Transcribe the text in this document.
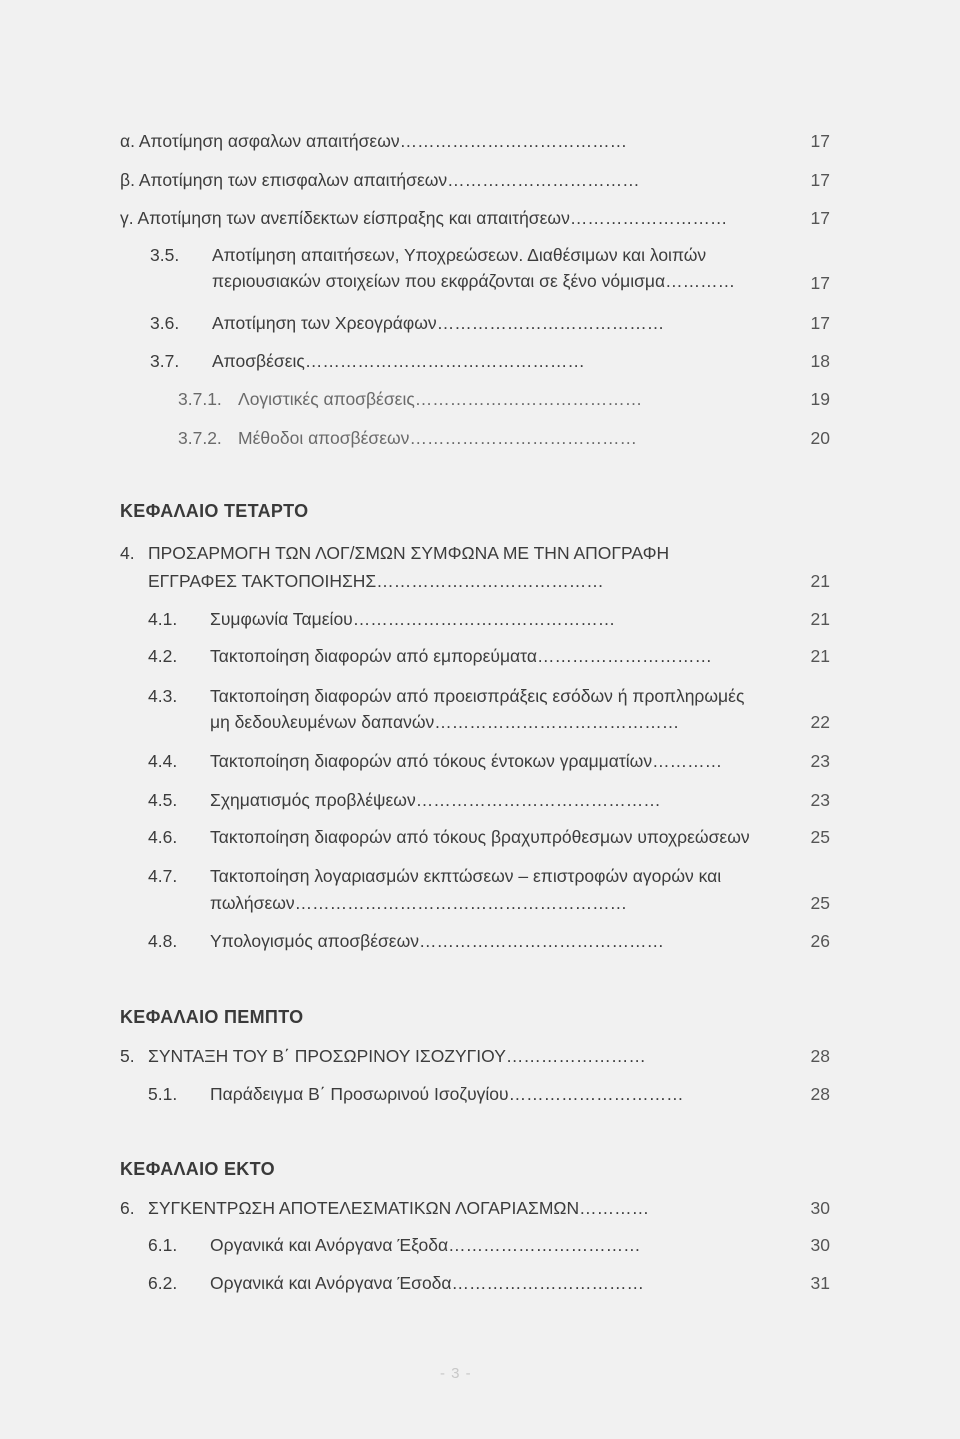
α. Αποτίμηση ασφαλων απαιτήσεων…………………………………	17
β. Αποτίμηση των επισφαλων απαιτήσεων……………………………	17
γ. Αποτίμηση των ανεπίδεκτων είσπραξης και απαιτήσεων………………………	17
3.5. Αποτίμηση απαιτήσεων, Υποχρεώσεων. Διαθέσιμων και λοιπών
περιουσιακών στοιχείων που εκφράζονται σε ξένο νόμισμα…………	17
3.6. Αποτίμηση των Χρεογράφων…………………………………	17
3.7. Αποσβέσεις…………………………………………	18
3.7.1. Λογιστικές αποσβέσεις…………………………………	19
3.7.2. Μέθοδοι αποσβέσεων…………………………………	20
ΚΕΦΑΛΑΙΟ ΤΕΤΑΡΤΟ
4. ΠΡΟΣΑΡΜΟΓΗ ΤΩΝ ΛΟΓ/ΣΜΩΝ ΣΥΜΦΩΝΑ ΜΕ ΤΗΝ ΑΠΟΓΡΑΦΗ
ΕΓΓΡΑΦΕΣ ΤΑΚΤΟΠΟΙΗΣΗΣ…………………………………	21
4.1. Συμφωνία Ταμείου………………………………………	21
4.2. Τακτοποίηση διαφορών από εμπορεύματα…………………………	21
4.3. Τακτοποίηση διαφορών από προεισπράξεις εσόδων ή προπληρωμές
μη δεδουλευμένων δαπανών……………………………………	22
4.4. Τακτοποίηση διαφορών από τόκους έντοκων γραμματίων…………	23
4.5. Σχηματισμός προβλέψεων……………………………………	23
4.6. Τακτοποίηση διαφορών από τόκους βραχυπρόθεσμων υποχρεώσεων	25
4.7. Τακτοποίηση λογαριασμών εκπτώσεων – επιστροφών αγορών και
πωλήσεων…………………………………………………	25
4.8. Υπολογισμός αποσβέσεων……………………………………	26
ΚΕΦΑΛΑΙΟ ΠΕΜΠΤΟ
5. ΣΥΝΤΑΞΗ ΤΟΥ Β΄ ΠΡΟΣΩΡΙΝΟΥ ΙΣΟΖΥΓΙΟΥ……………………	28
5.1. Παράδειγμα Β΄ Προσωρινού Ισοζυγίου…………………………	28
ΚΕΦΑΛΑΙΟ ΕΚΤΟ
6. ΣΥΓΚΕΝΤΡΩΣΗ ΑΠΟΤΕΛΕΣΜΑΤΙΚΩΝ ΛΟΓΑΡΙΑΣΜΩΝ…………	30
6.1. Οργανικά και Ανόργανα Έξοδα……………………………	30
6.2. Οργανικά και Ανόργανα Έσοδα……………………………	31
- 3 -
